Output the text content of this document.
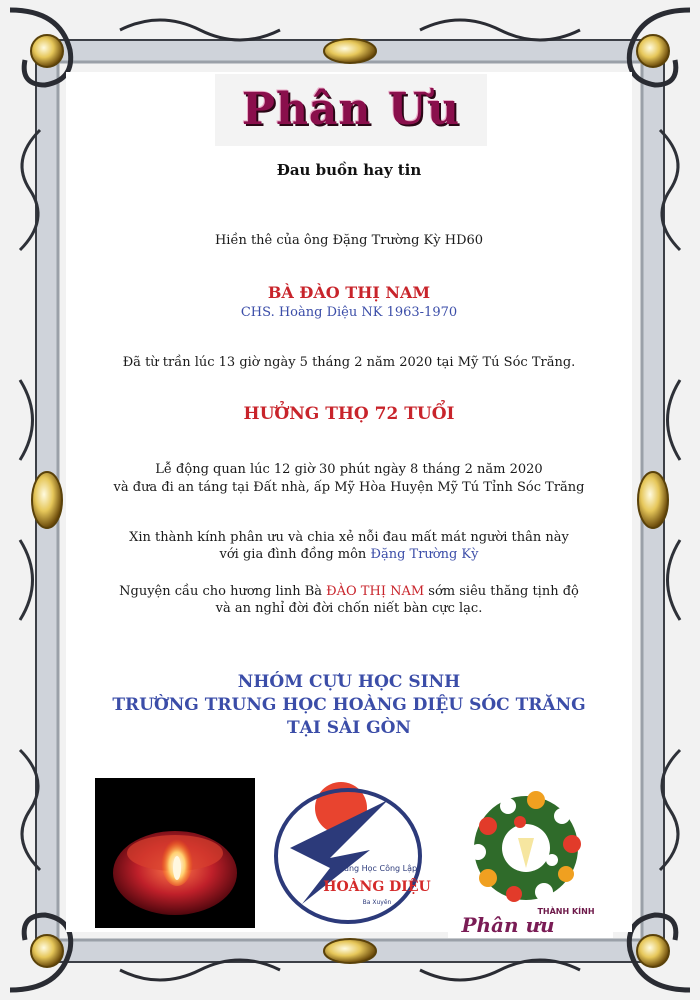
Phân Ưu
Đau buồn hay tin
Hiền thê của ông Đặng Trường Kỳ HD60
BÀ ĐÀO THỊ NAM
CHS. Hoàng Diệu NK 1963-1970
Đã từ trần lúc 13 giờ ngày 5 tháng 2 năm 2020 tại Mỹ Tú Sóc Trăng.
HƯỞNG THỌ 72 TUỔI
Lễ động quan lúc 12 giờ 30 phút ngày 8 tháng 2 năm 2020
và đưa đi an táng tại Đất nhà, ấp Mỹ Hòa Huyện Mỹ Tú Tỉnh Sóc Trăng
Xin thành kính phân ưu và chia xẻ nỗi đau mất mát người thân này
với gia đình đồng môn Đặng Trường Kỳ
Nguyện cầu cho hương linh Bà ĐÀO THỊ NAM sớm siêu thăng tịnh độ
và an nghỉ đời đời chốn niết bàn cực lạc.
NHÓM CỰU HỌC SINH
TRƯỜNG TRUNG HỌC HOÀNG DIỆU SÓC TRĂNG
TẠI SÀI GÒN
Trung Học Công Lập
HOÀNG DIỆU
Ba Xuyên
THÀNH KÍNH
Phân ưu
